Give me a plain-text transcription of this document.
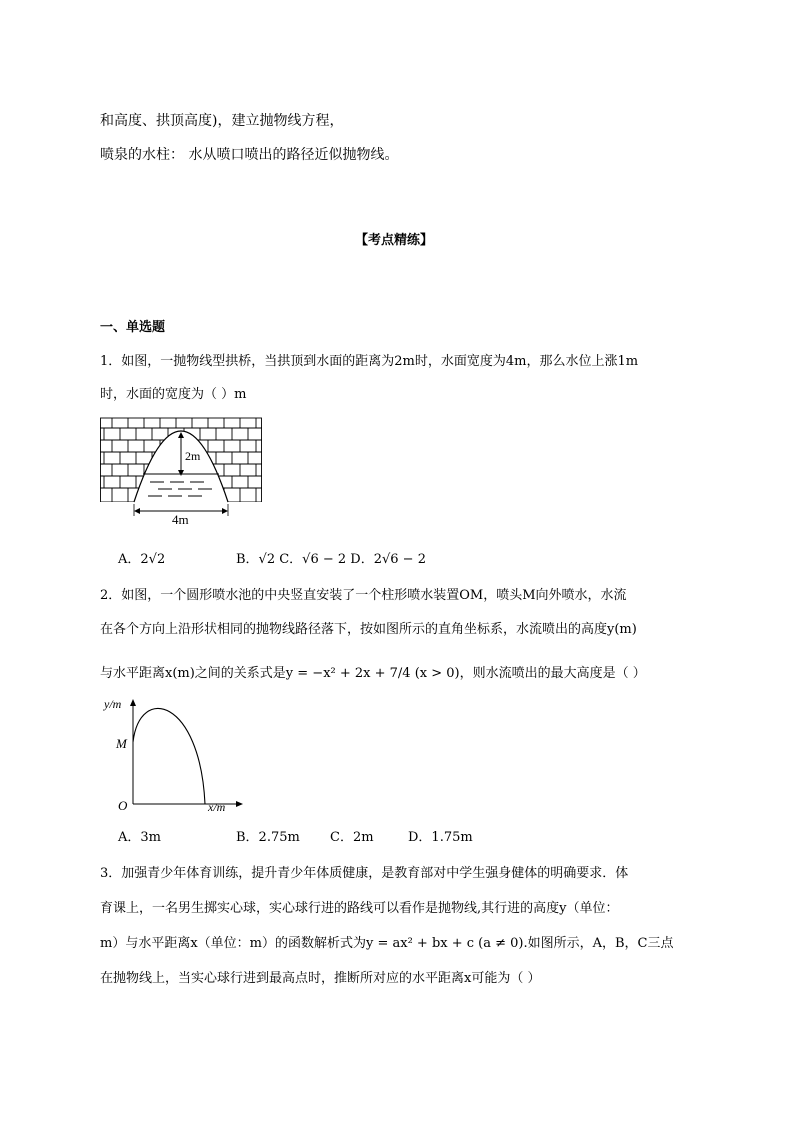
和高度、拱顶高度)，建立抛物线方程，
喷泉的水柱： 水从喷口喷出的路径近似抛物线。
【考点精练】
一、单选题
1．如图，一抛物线型拱桥，当拱顶到水面的距离为2m时，水面宽度为4m，那么水位上涨1m
时，水面的宽度为（ ）m
2m
4m
A．2√2	B．√2 C．√6 − 2 D．2√6 − 2
2．如图，一个圆形喷水池的中央竖直安装了一个柱形喷水装置OM，喷头M向外喷水，水流
在各个方向上沿形状相同的抛物线路径落下，按如图所示的直角坐标系，水流喷出的高度y(m)
与水平距离x(m)之间的关系式是y = −x² + 2x + 7/4 (x > 0)，则水流喷出的最大高度是（ ）
y/m
M
O	x/m
A．3m	B．2.75m C．2m	D．1.75m
3．加强青少年体育训练，提升青少年体质健康，是教育部对中学生强身健体的明确要求．体
育课上，一名男生掷实心球，实心球行进的路线可以看作是抛物线,其行进的高度y（单位：
m）与水平距离x（单位：m）的函数解析式为y = ax² + bx + c (a ≠ 0).如图所示，A，B，C三点
在抛物线上，当实心球行进到最高点时，推断所对应的水平距离x可能为（ ）
